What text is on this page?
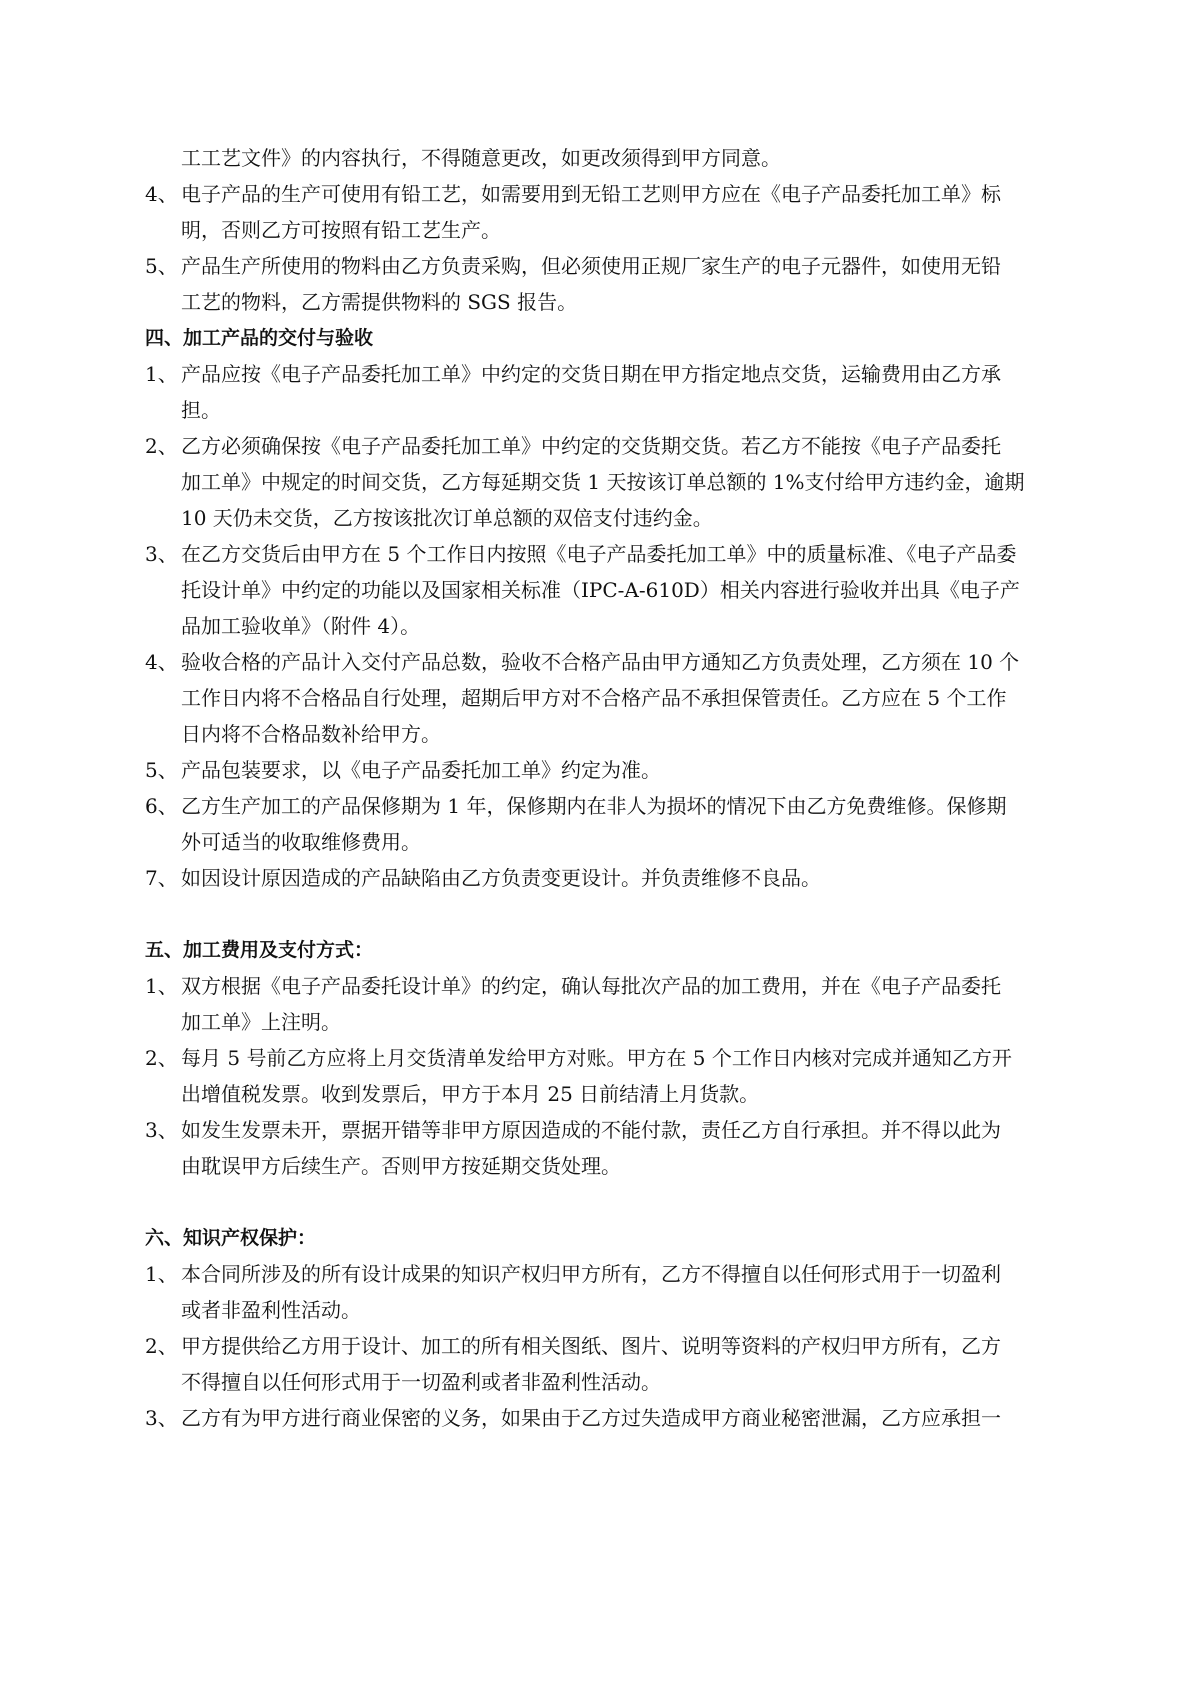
工工艺文件》的内容执行，不得随意更改，如更改须得到甲方同意。

4、 电子产品的生产可使用有铅工艺，如需要用到无铅工艺则甲方应在《电子产品委托加工单》标

明，否则乙方可按照有铅工艺生产。

5、 产品生产所使用的物料由乙方负责采购，但必须使用正规厂家生产的电子元器件，如使用无铅

工艺的物料，乙方需提供物料的 SGS 报告。

四、加工产品的交付与验收

1、 产品应按《电子产品委托加工单》中约定的交货日期在甲方指定地点交货，运输费用由乙方承

担。

2、 乙方必须确保按《电子产品委托加工单》中约定的交货期交货。若乙方不能按《电子产品委托

加工单》中规定的时间交货，乙方每延期交货 1 天按该订单总额的 1%支付给甲方违约金，逾期

10 天仍未交货，乙方按该批次订单总额的双倍支付违约金。

3、 在乙方交货后由甲方在 5 个工作日内按照《电子产品委托加工单》中的质量标准、《电子产品委

托设计单》中约定的功能以及国家相关标准（IPC-A-610D）相关内容进行验收并出具《电子产

品加工验收单》（附件 4）。

4、 验收合格的产品计入交付产品总数，验收不合格产品由甲方通知乙方负责处理，乙方须在 10 个

工作日内将不合格品自行处理，超期后甲方对不合格产品不承担保管责任。乙方应在 5 个工作

日内将不合格品数补给甲方。

5、 产品包装要求，以《电子产品委托加工单》约定为准。

6、 乙方生产加工的产品保修期为 1 年，保修期内在非人为损坏的情况下由乙方免费维修。保修期

外可适当的收取维修费用。

7、 如因设计原因造成的产品缺陷由乙方负责变更设计。并负责维修不良品。

五、加工费用及支付方式：

1、 双方根据《电子产品委托设计单》的约定，确认每批次产品的加工费用，并在《电子产品委托

加工单》上注明。

2、 每月 5 号前乙方应将上月交货清单发给甲方对账。甲方在 5 个工作日内核对完成并通知乙方开

出增值税发票。收到发票后，甲方于本月 25 日前结清上月货款。

3、 如发生发票未开，票据开错等非甲方原因造成的不能付款，责任乙方自行承担。并不得以此为

由耽误甲方后续生产。否则甲方按延期交货处理。

六、知识产权保护：

1、 本合同所涉及的所有设计成果的知识产权归甲方所有，乙方不得擅自以任何形式用于一切盈利

或者非盈利性活动。

2、 甲方提供给乙方用于设计、加工的所有相关图纸、图片、说明等资料的产权归甲方所有，乙方

不得擅自以任何形式用于一切盈利或者非盈利性活动。

3、 乙方有为甲方进行商业保密的义务，如果由于乙方过失造成甲方商业秘密泄漏，乙方应承担一
